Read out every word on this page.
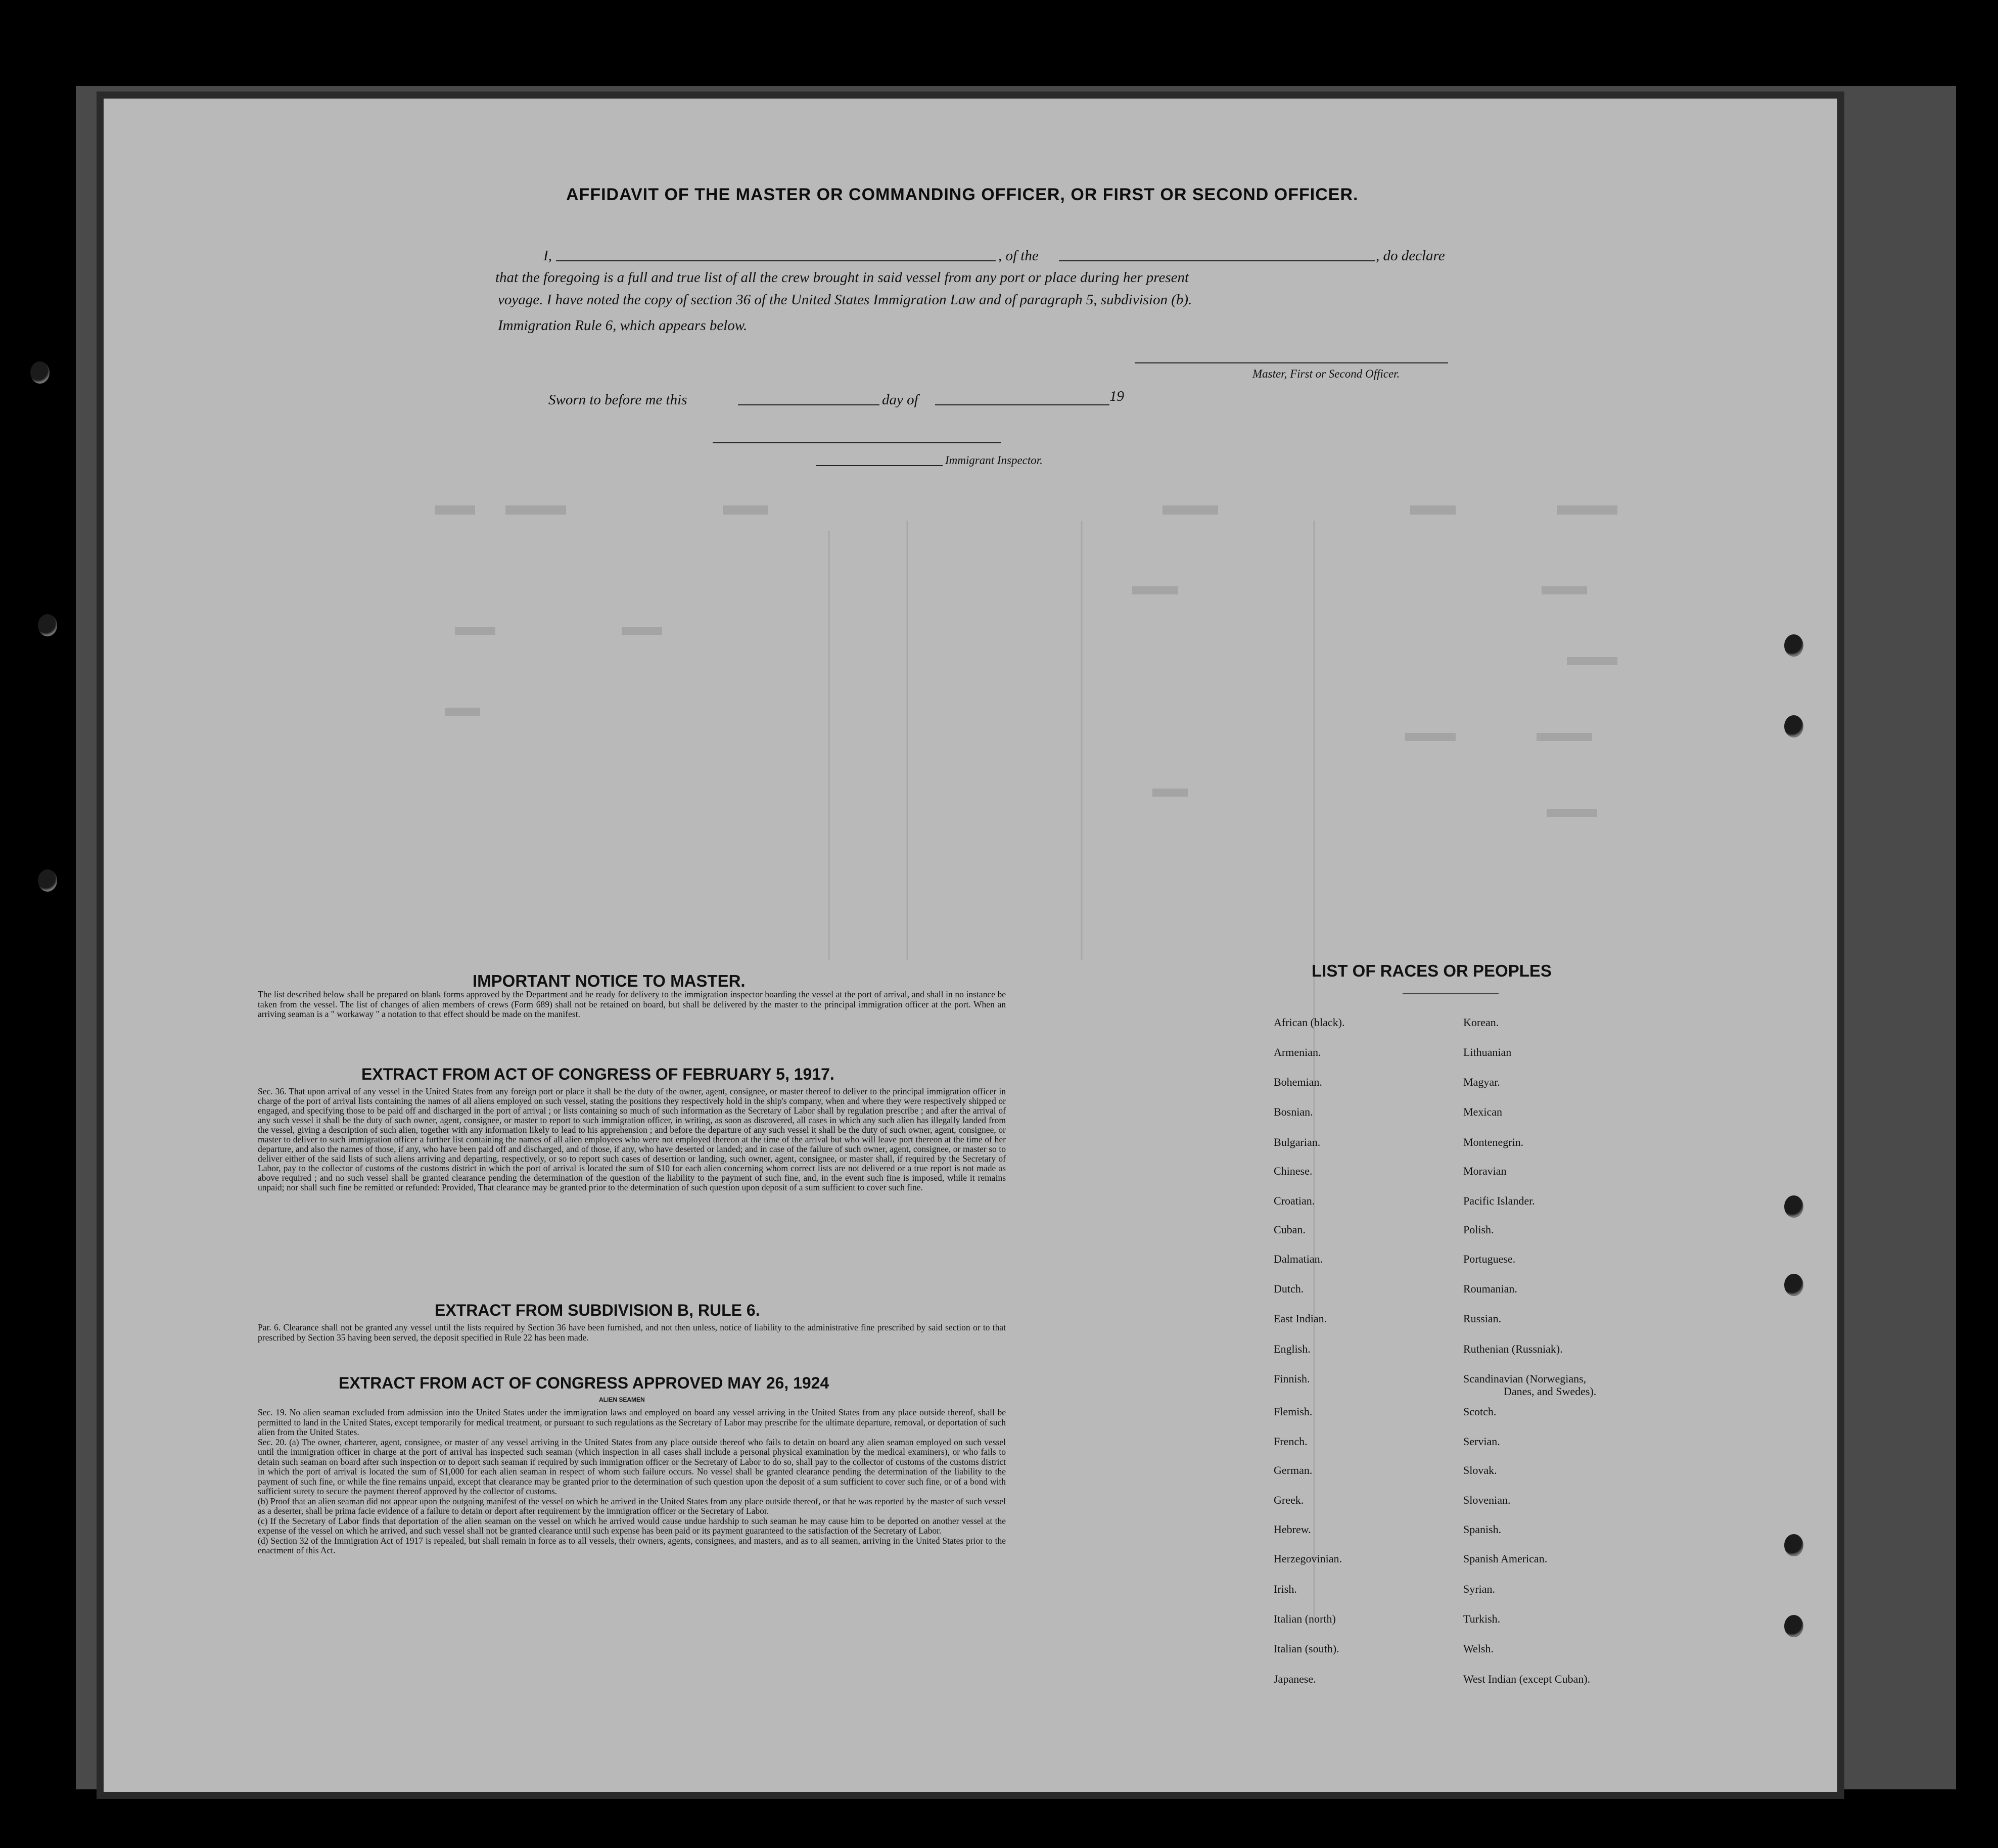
AFFIDAVIT OF THE MASTER OR COMMANDING OFFICER, OR FIRST OR SECOND OFFICER.
I,	, of the	, do declare
that the foregoing is a full and true list of all the crew brought in said vessel from any port or place during her present
voyage. I have noted the copy of section 36 of the United States Immigration Law and of paragraph 5, subdivision (b).
Immigration Rule 6, which appears below.
Master, First or Second Officer.
Sworn to before me this	day of	19
Immigrant Inspector.
IMPORTANT NOTICE TO MASTER.
The list described below shall be prepared on blank forms approved by the Department and be ready for delivery to the immigration inspector boarding the vessel at the port of arrival, and shall in no instance be taken from the vessel. The list of changes of alien members of crews (Form 689) shall not be retained on board, but shall be delivered by the master to the principal immigration officer at the port. When an arriving seaman is a " workaway " a notation to that effect should be made on the manifest.
EXTRACT FROM ACT OF CONGRESS OF FEBRUARY 5, 1917.
Sec. 36. That upon arrival of any vessel in the United States from any foreign port or place it shall be the duty of the owner, agent, consignee, or master thereof to deliver to the principal immigration officer in charge of the port of arrival lists containing the names of all aliens employed on such vessel, stating the positions they respectively hold in the ship's company, when and where they were respectively shipped or engaged, and specifying those to be paid off and discharged in the port of arrival ; or lists containing so much of such information as the Secretary of Labor shall by regulation prescribe ; and after the arrival of any such vessel it shall be the duty of such owner, agent, consignee, or master to report to such immigration officer, in writing, as soon as discovered, all cases in which any such alien has illegally landed from the vessel, giving a description of such alien, together with any information likely to lead to his apprehension ; and before the departure of any such vessel it shall be the duty of such owner, agent, consignee, or master to deliver to such immigration officer a further list containing the names of all alien employees who were not employed thereon at the time of the arrival but who will leave port thereon at the time of her departure, and also the names of those, if any, who have been paid off and discharged, and of those, if any, who have deserted or landed; and in case of the failure of such owner, agent, consignee, or master so to deliver either of the said lists of such aliens arriving and departing, respectively, or so to report such cases of desertion or landing, such owner, agent, consignee, or master shall, if required by the Secretary of Labor, pay to the collector of customs of the customs district in which the port of arrival is located the sum of $10 for each alien concerning whom correct lists are not delivered or a true report is not made as above required ; and no such vessel shall be granted clearance pending the determination of the question of the liability to the payment of such fine, and, in the event such fine is imposed, while it remains unpaid; nor shall such fine be remitted or refunded: Provided, That clearance may be granted prior to the determination of such question upon deposit of a sum sufficient to cover such fine.
EXTRACT FROM SUBDIVISION B, RULE 6.
Par. 6. Clearance shall not be granted any vessel until the lists required by Section 36 have been furnished, and not then unless, notice of liability to the administrative fine prescribed by said section or to that prescribed by Section 35 having been served, the deposit specified in Rule 22 has been made.
EXTRACT FROM ACT OF CONGRESS APPROVED MAY 26, 1924
ALIEN SEAMEN
Sec. 19. No alien seaman excluded from admission into the United States under the immigration laws and employed on board any vessel arriving in the United States from any place outside thereof, shall be permitted to land in the United States, except temporarily for medical treatment, or pursuant to such regulations as the Secretary of Labor may prescribe for the ultimate departure, removal, or deportation of such alien from the United States.
Sec. 20. (a) The owner, charterer, agent, consignee, or master of any vessel arriving in the United States from any place outside thereof who fails to detain on board any alien seaman employed on such vessel until the immigration officer in charge at the port of arrival has inspected such seaman (which inspection in all cases shall include a personal physical examination by the medical examiners), or who fails to detain such seaman on board after such inspection or to deport such seaman if required by such immigration officer or the Secretary of Labor to do so, shall pay to the collector of customs of the customs district in which the port of arrival is located the sum of $1,000 for each alien seaman in respect of whom such failure occurs. No vessel shall be granted clearance pending the determination of the liability to the payment of such fine, or while the fine remains unpaid, except that clearance may be granted prior to the determination of such question upon the deposit of a sum sufficient to cover such fine, or of a bond with sufficient surety to secure the payment thereof approved by the collector of customs.
(b) Proof that an alien seaman did not appear upon the outgoing manifest of the vessel on which he arrived in the United States from any place outside thereof, or that he was reported by the master of such vessel as a deserter, shall be prima facie evidence of a failure to detain or deport after requirement by the immigration officer or the Secretary of Labor.
(c) If the Secretary of Labor finds that deportation of the alien seaman on the vessel on which he arrived would cause undue hardship to such seaman he may cause him to be deported on another vessel at the expense of the vessel on which he arrived, and such vessel shall not be granted clearance until such expense has been paid or its payment guaranteed to the satisfaction of the Secretary of Labor.
(d) Section 32 of the Immigration Act of 1917 is repealed, but shall remain in force as to all vessels, their owners, agents, consignees, and masters, and as to all seamen, arriving in the United States prior to the enactment of this Act.
LIST OF RACES OR PEOPLES
African (black).
Armenian.
Bohemian.
Bosnian.
Bulgarian.
Chinese.
Croatian.
Cuban.
Dalmatian.
Dutch.
East Indian.
English.
Finnish.
Flemish.
French.
German.
Greek.
Hebrew.
Herzegovinian.
Irish.
Italian (north)
Italian (south).
Japanese.
Korean.
Lithuanian
Magyar.
Mexican
Montenegrin.
Moravian
Pacific Islander.
Polish.
Portuguese.
Roumanian.
Russian.
Ruthenian (Russniak).
Scandinavian (Norwegians,
Danes, and Swedes).
Scotch.
Servian.
Slovak.
Slovenian.
Spanish.
Spanish American.
Syrian.
Turkish.
Welsh.
West Indian (except Cuban).
